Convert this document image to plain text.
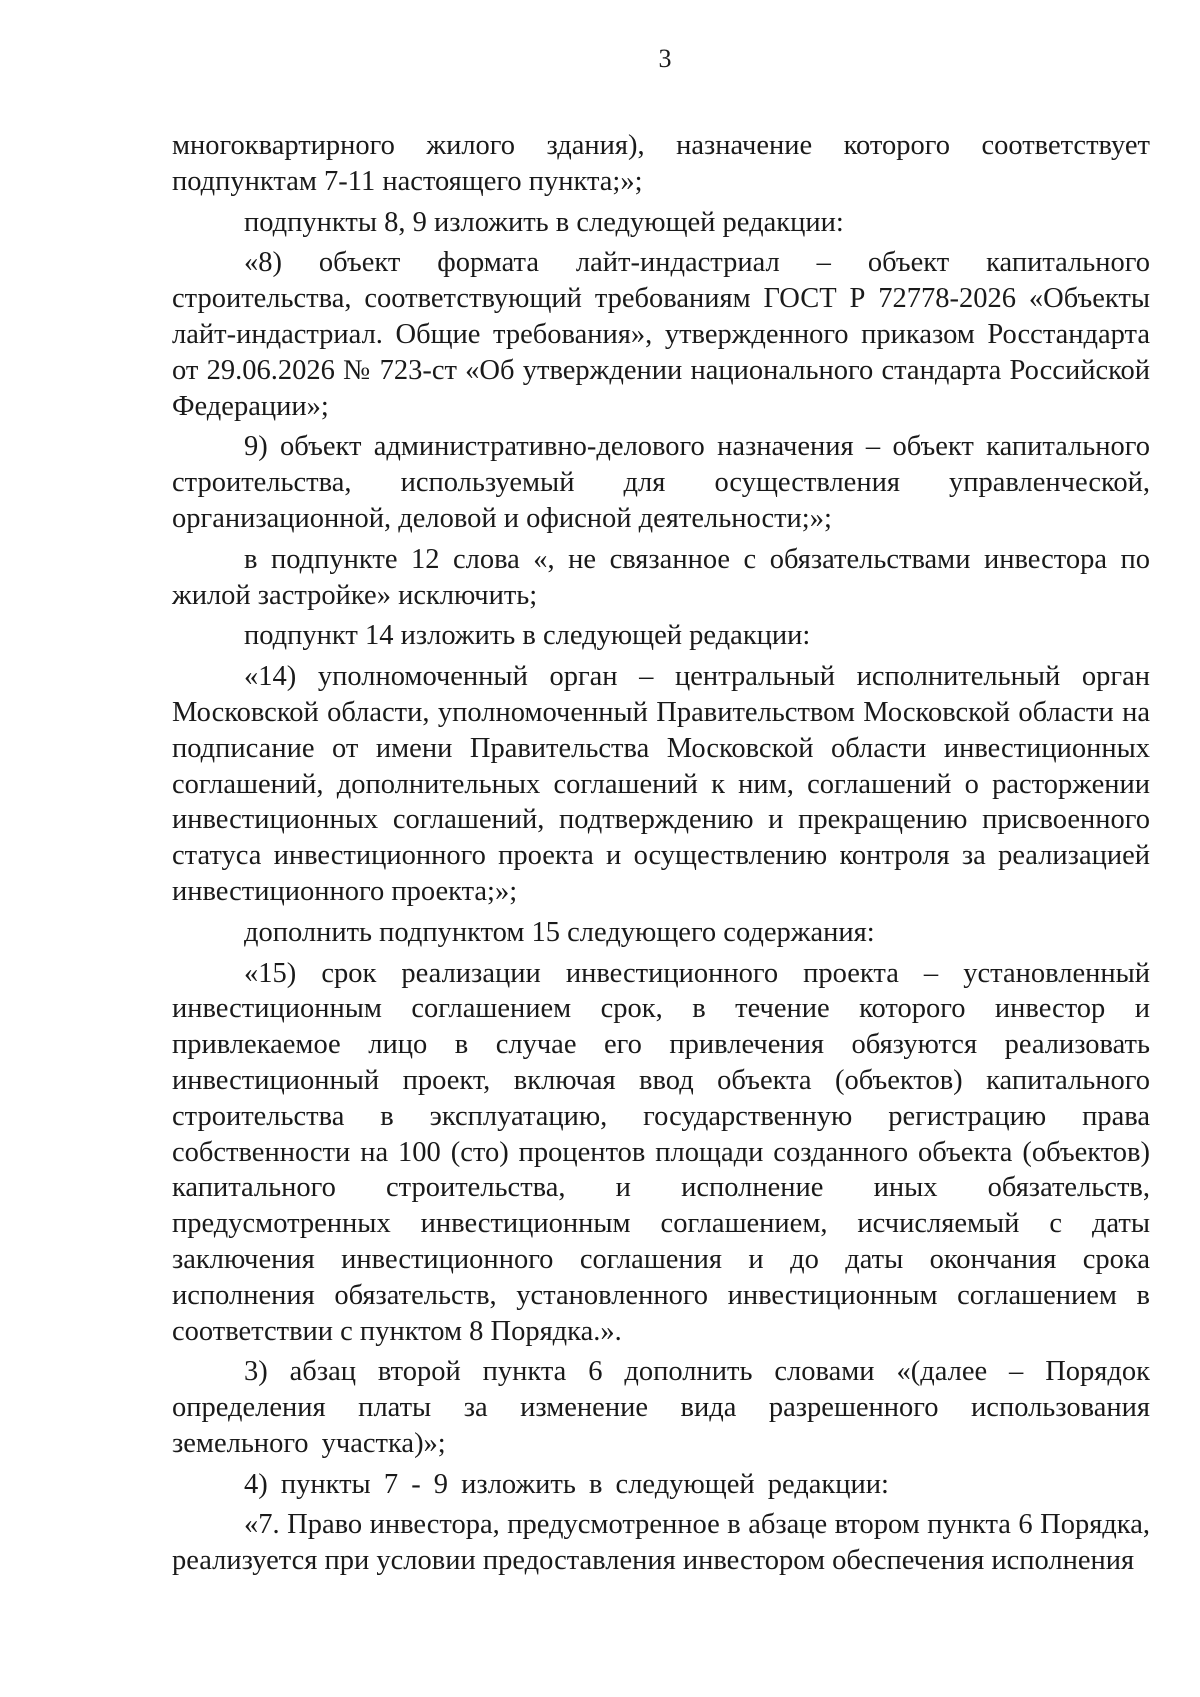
3

многоквартирного жилого здания), назначение которого соответствует подпунктам 7-11 настоящего пункта;»;

подпункты 8, 9 изложить в следующей редакции:

«8) объект формата лайт-индастриал – объект капитального строительства, соответствующий требованиям ГОСТ Р 72778-2026 «Объекты лайт-индастриал. Общие требования», утвержденного приказом Росстандарта от 29.06.2026 № 723-ст «Об утверждении национального стандарта Российской Федерации»;

9) объект административно-делового назначения – объект капитального строительства, используемый для осуществления управленческой, организационной, деловой и офисной деятельности;»;

в подпункте 12 слова «, не связанное с обязательствами инвестора по жилой застройке» исключить;

подпункт 14 изложить в следующей редакции:

«14) уполномоченный орган – центральный исполнительный орган Московской области, уполномоченный Правительством Московской области на подписание от имени Правительства Московской области инвестиционных соглашений, дополнительных соглашений к ним, соглашений о расторжении инвестиционных соглашений, подтверждению и прекращению присвоенного статуса инвестиционного проекта и осуществлению контроля за реализацией инвестиционного проекта;»;

дополнить подпунктом 15 следующего содержания:

«15) срок реализации инвестиционного проекта – установленный инвестиционным соглашением срок, в течение которого инвестор и привлекаемое лицо в случае его привлечения обязуются реализовать инвестиционный проект, включая ввод объекта (объектов) капитального строительства в эксплуатацию, государственную регистрацию права собственности на 100 (сто) процентов площади созданного объекта (объектов) капитального строительства, и исполнение иных обязательств, предусмотренных инвестиционным соглашением, исчисляемый с даты заключения инвестиционного соглашения и до даты окончания срока исполнения обязательств, установленного инвестиционным соглашением в соответствии с пунктом 8 Порядка.».

3) абзац второй пункта 6 дополнить словами «(далее – Порядок определения платы за изменение вида разрешенного использования земельного участка)»;

4) пункты 7 - 9 изложить в следующей редакции:

«7. Право инвестора, предусмотренное в абзаце втором пункта 6 Порядка, реализуется при условии предоставления инвестором обеспечения исполнения
